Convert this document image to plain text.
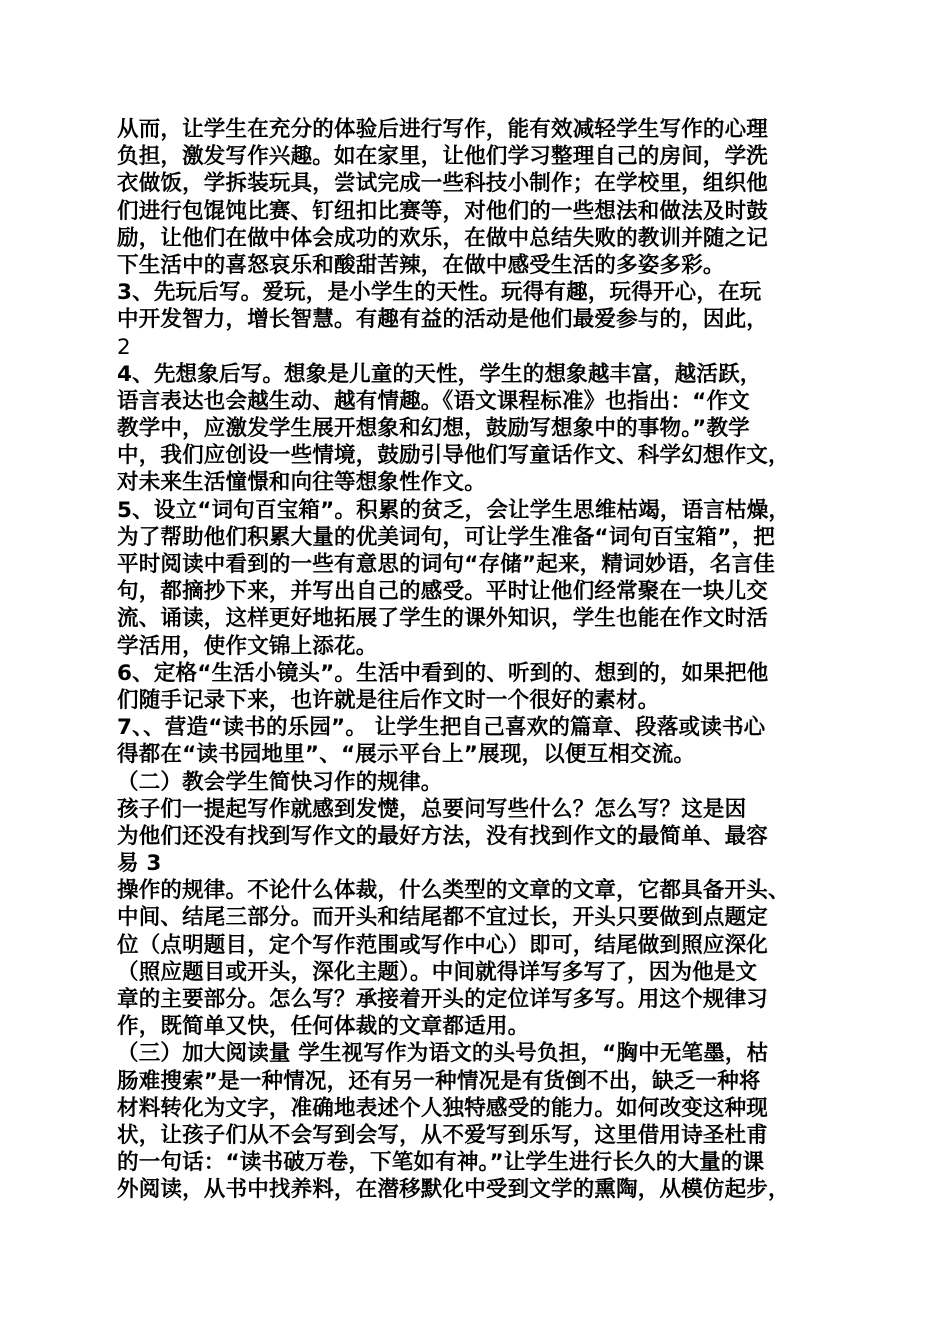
从而，让学生在充分的体验后进行写作，能有效减轻学生写作的心理
负担，激发写作兴趣。如在家里，让他们学习整理自己的房间，学洗
衣做饭，学拆装玩具，尝试完成一些科技小制作；在学校里，组织他
们进行包馄饨比赛、钉纽扣比赛等，对他们的一些想法和做法及时鼓
励，让他们在做中体会成功的欢乐，在做中总结失败的教训并随之记
下生活中的喜怒哀乐和酸甜苦辣，在做中感受生活的多姿多彩。
3、先玩后写。爱玩，是小学生的天性。玩得有趣，玩得开心，在玩
中开发智力，增长智慧。有趣有益的活动是他们最爱参与的，因此，
2
4、先想象后写。想象是儿童的天性，学生的想象越丰富，越活跃，
语言表达也会越生动、越有情趣。《语文课程标准》也指出：“作文
教学中，应激发学生展开想象和幻想，鼓励写想象中的事物。”教学
中，我们应创设一些情境，鼓励引导他们写童话作文、科学幻想作文，
对未来生活憧憬和向往等想象性作文。
5、设立“词句百宝箱”。积累的贫乏，会让学生思维枯竭，语言枯燥，
为了帮助他们积累大量的优美词句，可让学生准备“词句百宝箱”，把
平时阅读中看到的一些有意思的词句“存储”起来，精词妙语，名言佳
句，都摘抄下来，并写出自己的感受。平时让他们经常聚在一块儿交
流、诵读，这样更好地拓展了学生的课外知识，学生也能在作文时活
学活用，使作文锦上添花。
6、定格“生活小镜头”。生活中看到的、听到的、想到的，如果把他
们随手记录下来，也许就是往后作文时一个很好的素材。
7、、营造“读书的乐园”。 让学生把自己喜欢的篇章、段落或读书心
得都在“读书园地里”、“展示平台上”展现，以便互相交流。
（二）教会学生简快习作的规律。
孩子们一提起写作就感到发憷，总要问写些什么？怎么写？这是因
为他们还没有找到写作文的最好方法，没有找到作文的最简单、最容
易 3
操作的规律。不论什么体裁，什么类型的文章的文章，它都具备开头、
中间、结尾三部分。而开头和结尾都不宜过长，开头只要做到点题定
位（点明题目，定个写作范围或写作中心）即可，结尾做到照应深化
（照应题目或开头，深化主题）。中间就得详写多写了，因为他是文
章的主要部分。怎么写？承接着开头的定位详写多写。用这个规律习
作，既简单又快，任何体裁的文章都适用。
（三）加大阅读量 学生视写作为语文的头号负担，“胸中无笔墨，枯
肠难搜索”是一种情况，还有另一种情况是有货倒不出，缺乏一种将
材料转化为文字，准确地表述个人独特感受的能力。如何改变这种现
状，让孩子们从不会写到会写，从不爱写到乐写，这里借用诗圣杜甫
的一句话：“读书破万卷，下笔如有神。”让学生进行长久的大量的课
外阅读，从书中找养料，在潜移默化中受到文学的熏陶，从模仿起步，
